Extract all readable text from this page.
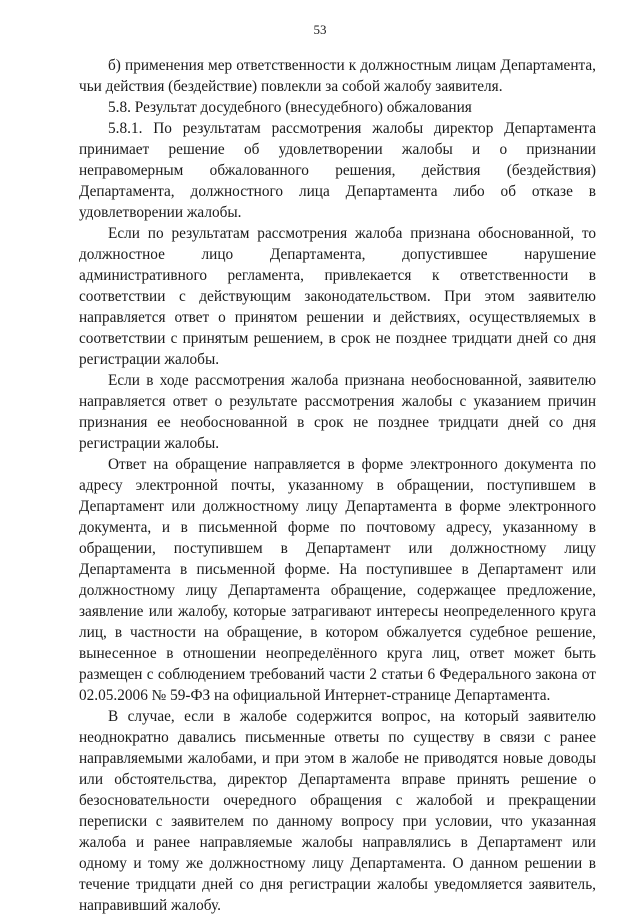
53

б) применения мер ответственности к должностным лицам Департамента, чьи действия (бездействие) повлекли за собой жалобу заявителя.

5.8. Результат досудебного (внесудебного) обжалования

5.8.1. По результатам рассмотрения жалобы директор Департамента принимает решение об удовлетворении жалобы и о признании неправомерным обжалованного решения, действия (бездействия) Департамента, должностного лица Департамента либо об отказе в удовлетворении жалобы.

Если по результатам рассмотрения жалоба признана обоснованной, то должностное лицо Департамента, допустившее нарушение административного регламента, привлекается к ответственности в соответствии с действующим законодательством. При этом заявителю направляется ответ о принятом решении и действиях, осуществляемых в соответствии с принятым решением, в срок не позднее тридцати дней со дня регистрации жалобы.

Если в ходе рассмотрения жалоба признана необоснованной, заявителю направляется ответ о результате рассмотрения жалобы с указанием причин признания ее необоснованной в срок не позднее тридцати дней со дня регистрации жалобы.

Ответ на обращение направляется в форме электронного документа по адресу электронной почты, указанному в обращении, поступившем в Департамент или должностному лицу Департамента в форме электронного документа, и в письменной форме по почтовому адресу, указанному в обращении, поступившем в Департамент или должностному лицу Департамента в письменной форме. На поступившее в Департамент или должностному лицу Департамента обращение, содержащее предложение, заявление или жалобу, которые затрагивают интересы неопределенного круга лиц, в частности на обращение, в котором обжалуется судебное решение, вынесенное в отношении неопределённого круга лиц, ответ может быть размещен с соблюдением требований части 2 статьи 6 Федерального закона от 02.05.2006 № 59-ФЗ на официальной Интернет-странице Департамента.

В случае, если в жалобе содержится вопрос, на который заявителю неоднократно давались письменные ответы по существу в связи с ранее направляемыми жалобами, и при этом в жалобе не приводятся новые доводы или обстоятельства, директор Департамента вправе принять решение о безосновательности очередного обращения с жалобой и прекращении переписки с заявителем по данному вопросу при условии, что указанная жалоба и ранее направляемые жалобы направлялись в Департамент или одному и тому же должностному лицу Департамента. О данном решении в течение тридцати дней со дня регистрации жалобы уведомляется заявитель, направивший жалобу.
